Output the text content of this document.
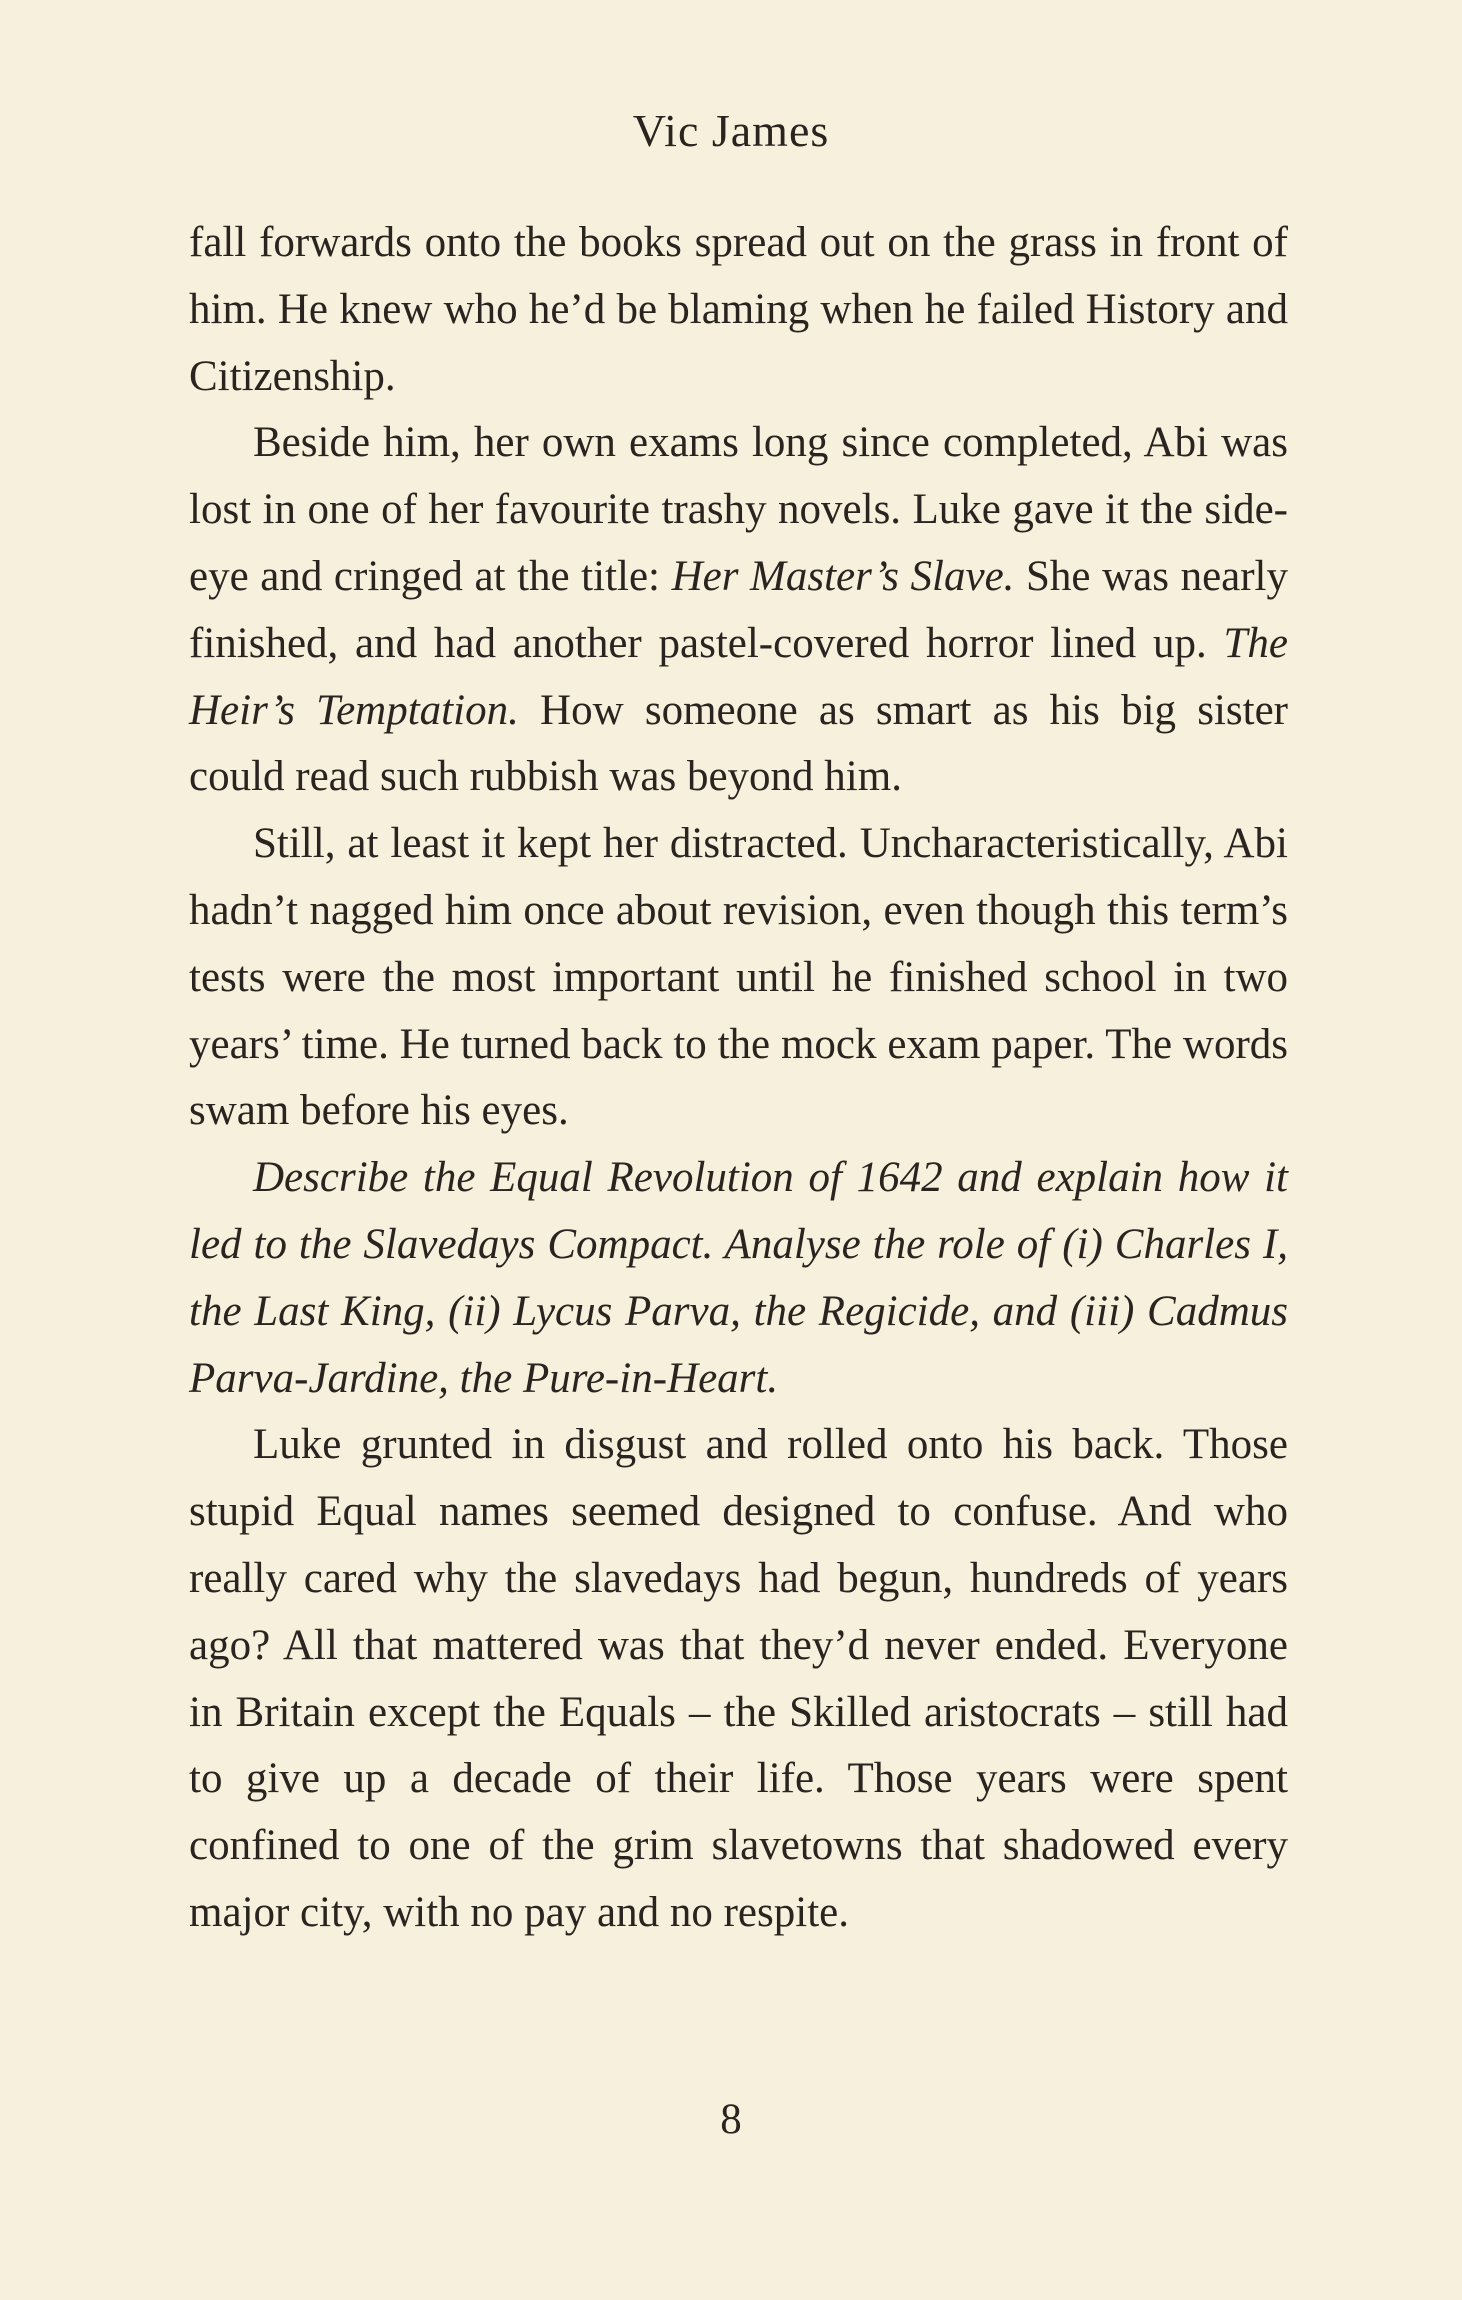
Vic James

fall forwards onto the books spread out on the grass in front of him. He knew who he’d be blaming when he failed History and Citizenship.

Beside him, her own exams long since completed, Abi was lost in one of her favourite trashy novels. Luke gave it the side-eye and cringed at the title: Her Master’s Slave. She was nearly finished, and had another pastel-covered horror lined up. The Heir’s Temptation. How someone as smart as his big sister could read such rubbish was beyond him.

Still, at least it kept her distracted. Uncharacteristically, Abi hadn’t nagged him once about revision, even though this term’s tests were the most important until he finished school in two years’ time. He turned back to the mock exam paper. The words swam before his eyes.

Describe the Equal Revolution of 1642 and explain how it led to the Slavedays Compact. Analyse the role of (i) Charles I, the Last King, (ii) Lycus Parva, the Regicide, and (iii) Cadmus Parva-Jardine, the Pure-in-Heart.

Luke grunted in disgust and rolled onto his back. Those stupid Equal names seemed designed to confuse. And who really cared why the slavedays had begun, hundreds of years ago? All that mattered was that they’d never ended. Everyone in Britain except the Equals – the Skilled aristocrats – still had to give up a decade of their life. Those years were spent confined to one of the grim slavetowns that shadowed every major city, with no pay and no respite.

8
